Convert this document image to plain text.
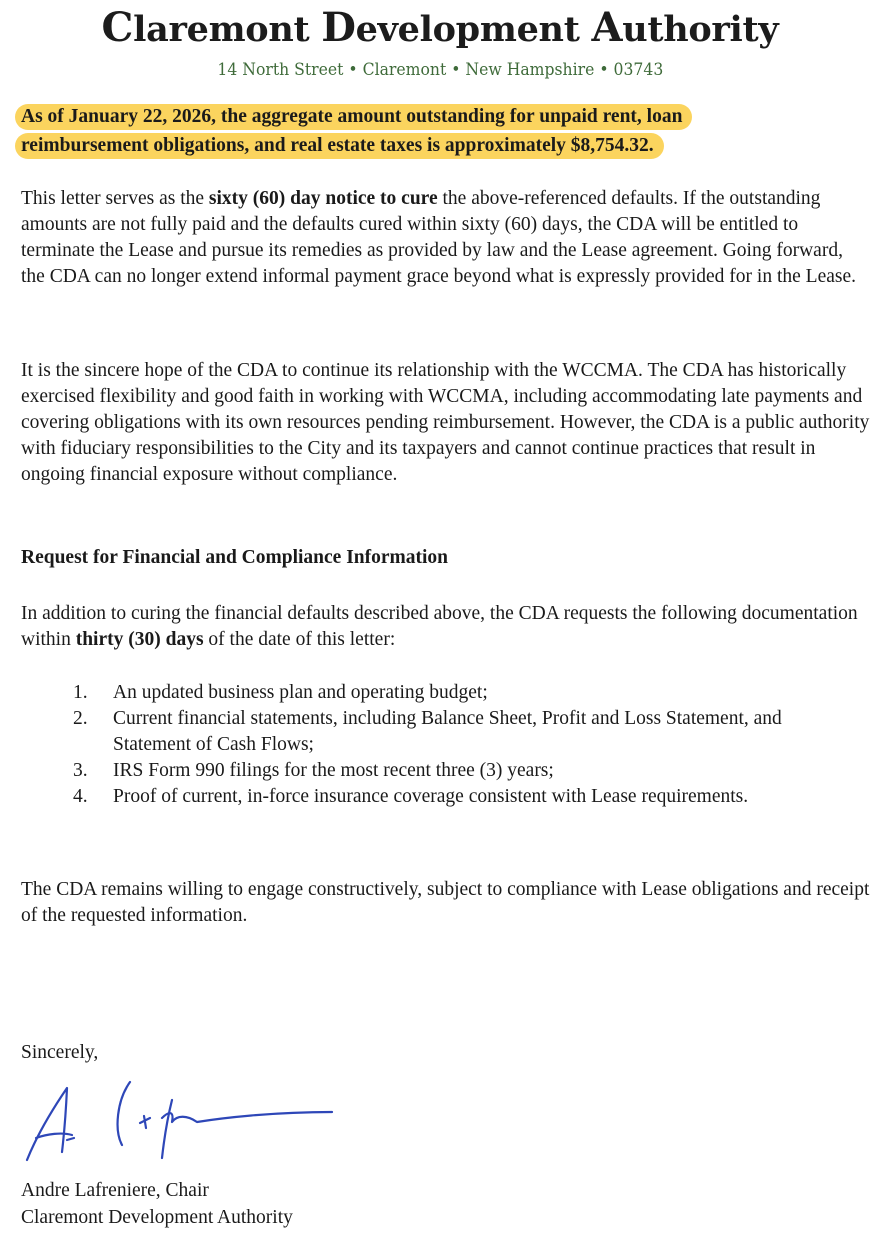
Claremont Development Authority
14 North Street • Claremont • New Hampshire • 03743
As of January 22, 2026, the aggregate amount outstanding for unpaid rent, loan
reimbursement obligations, and real estate taxes is approximately $8,754.32.

This letter serves as the sixty (60) day notice to cure the above-referenced defaults. If the outstanding amounts are not fully paid and the defaults cured within sixty (60) days, the CDA will be entitled to terminate the Lease and pursue its remedies as provided by law and the Lease agreement. Going forward, the CDA can no longer extend informal payment grace beyond what is expressly provided for in the Lease.

It is the sincere hope of the CDA to continue its relationship with the WCCMA. The CDA has historically exercised flexibility and good faith in working with WCCMA, including accommodating late payments and covering obligations with its own resources pending reimbursement. However, the CDA is a public authority with fiduciary responsibilities to the City and its taxpayers and cannot continue practices that result in ongoing financial exposure without compliance.

Request for Financial and Compliance Information

In addition to curing the financial defaults described above, the CDA requests the following documentation within thirty (30) days of the date of this letter:

1. An updated business plan and operating budget;
2. Current financial statements, including Balance Sheet, Profit and Loss Statement, and Statement of Cash Flows;
3. IRS Form 990 filings for the most recent three (3) years;
4. Proof of current, in-force insurance coverage consistent with Lease requirements.

The CDA remains willing to engage constructively, subject to compliance with Lease obligations and receipt of the requested information.

Sincerely,

Andre Lafreniere, Chair

Claremont Development Authority
